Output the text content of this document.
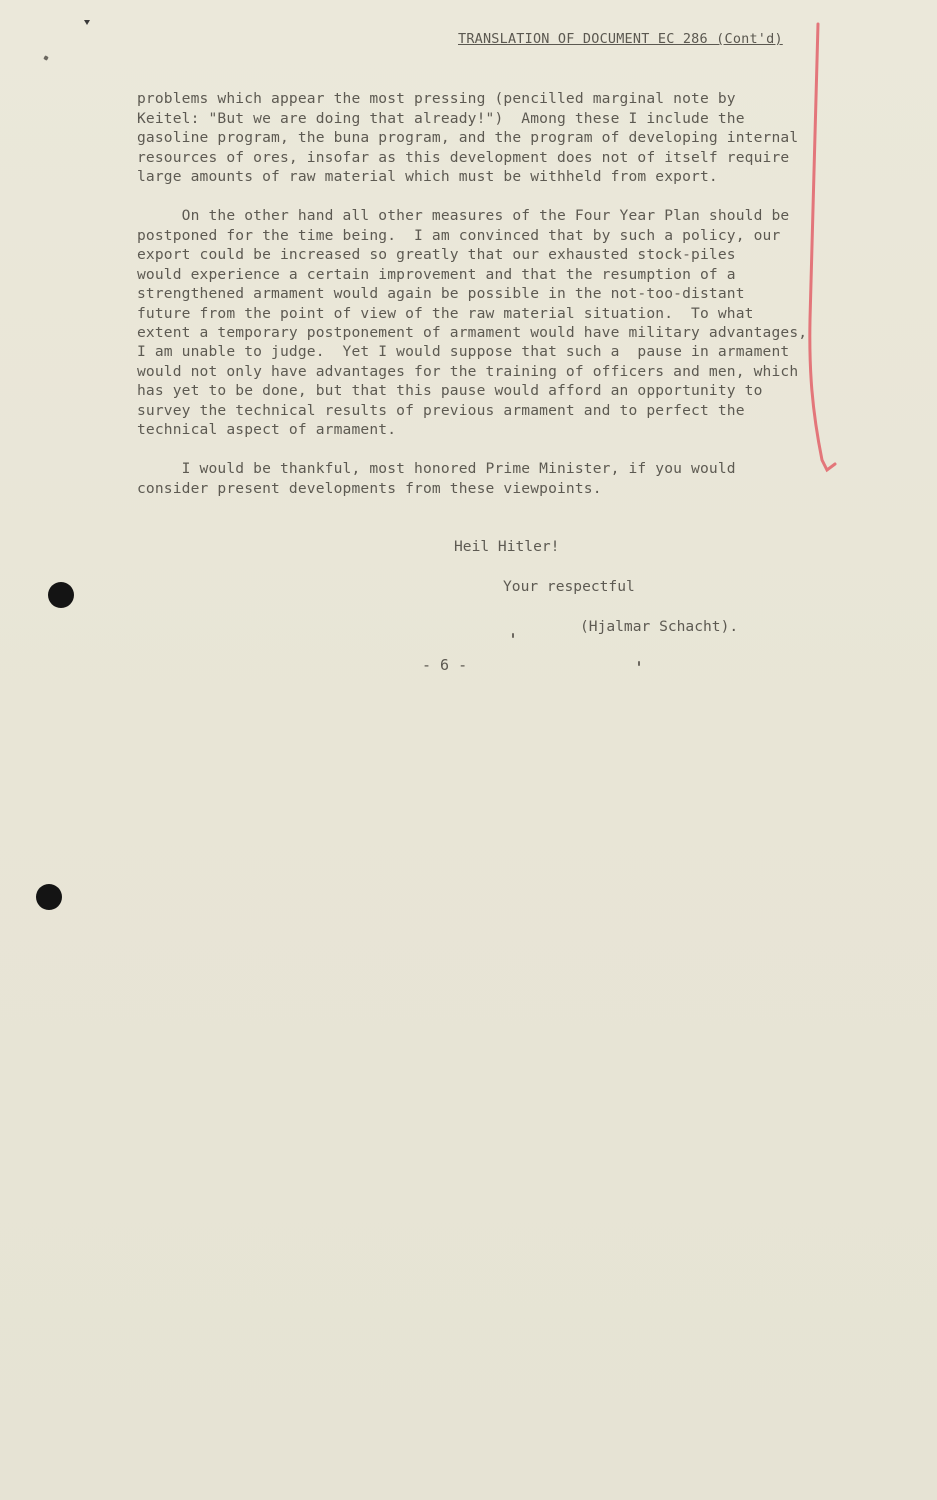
TRANSLATION OF DOCUMENT EC 286 (Cont'd)
problems which appear the most pressing (pencilled marginal note by
Keitel: "But we are doing that already!")  Among these I include the
gasoline program, the buna program, and the program of developing internal
resources of ores, insofar as this development does not of itself require
large amounts of raw material which must be withheld from export.
On the other hand all other measures of the Four Year Plan should be
postponed for the time being.  I am convinced that by such a policy, our
export could be increased so greatly that our exhausted stock-piles
would experience a certain improvement and that the resumption of a
strengthened armament would again be possible in the not-too-distant
future from the point of view of the raw material situation.  To what
extent a temporary postponement of armament would have military advantages,
I am unable to judge.  Yet I would suppose that such a  pause in armament
would not only have advantages for the training of officers and men, which
has yet to be done, but that this pause would afford an opportunity to
survey the technical results of previous armament and to perfect the
technical aspect of armament.
I would be thankful, most honored Prime Minister, if you would
consider present developments from these viewpoints.
Heil Hitler!
Your respectful
(Hjalmar Schacht).
- 6 -
